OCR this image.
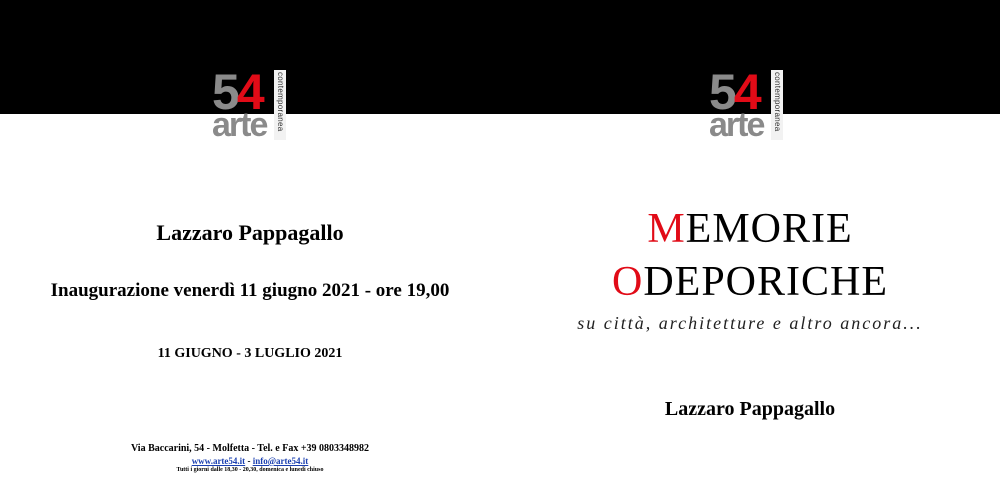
54
arte contemporanea	54
arte contemporanea
Lazzaro Pappagallo
Inaugurazione venerdì 11 giugno 2021 - ore 19,00
11 GIUGNO - 3 LUGLIO 2021
Via Baccarini, 54 - Molfetta - Tel. e Fax +39 0803348982
www.arte54.it - info@arte54.it
Tutti i giorni dalle 18,30 - 20,30, domenica e lunedì chiuso
MEMORIE
ODEPORICHE
su città, architetture e altro ancora...
Lazzaro Pappagallo
